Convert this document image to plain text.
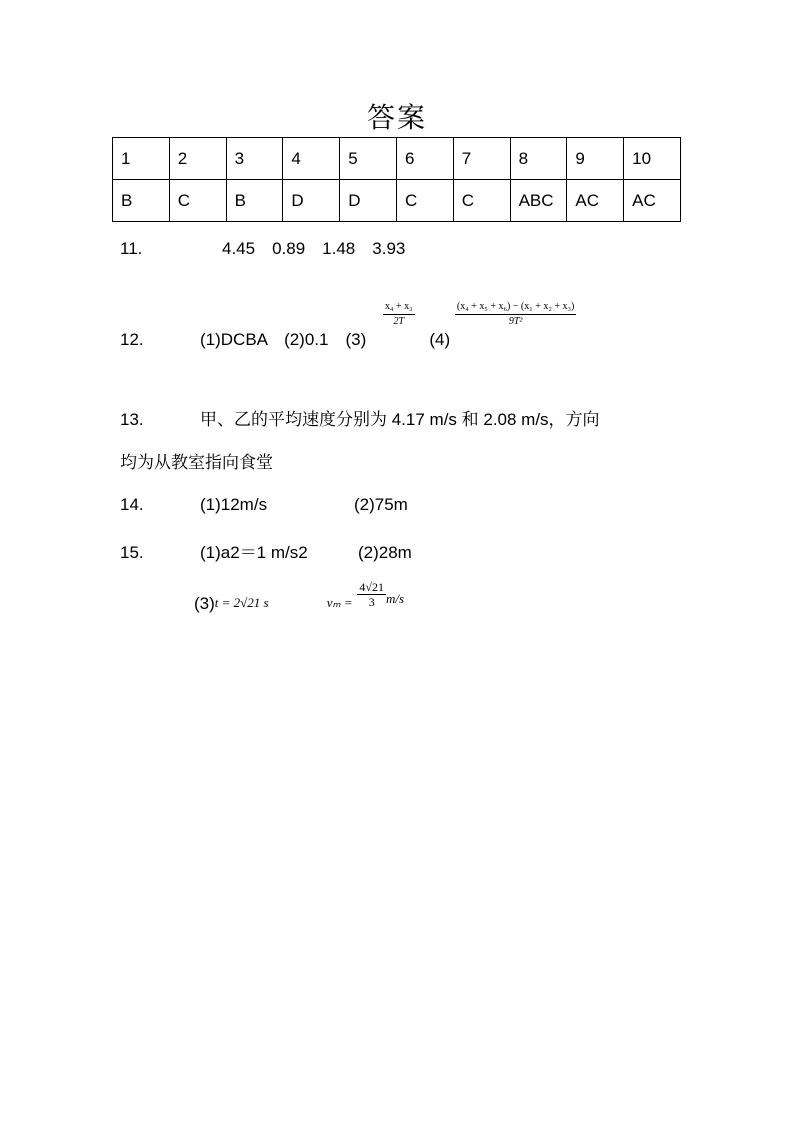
答案
1	2	3	4	5	6	7	8	9	10
B	C	B	D	D	C	C	ABC	AC	AC
11.	4.45　0.89　1.48　3.93
12.	(1)DCBA　(2)0.1　(3)
$\frac{\text{x₄ + x₃}}{2T}$
(4)
$\frac{\text{(x₄ + x₅ + x₆) − (x₁ + x₂ + x₃)}}{\text{9T²}}$
13.	甲、乙的平均速度分别为 4.17 m/s 和 2.08 m/s，方向
均为从教室指向食堂
14.	(1)12m/s	(2)75m
15.	(1)a2＝1 m/s2	(2)28m
(3)t = 2√21 s	$_{v_m =} \frac{4√21}{3} m/s$
